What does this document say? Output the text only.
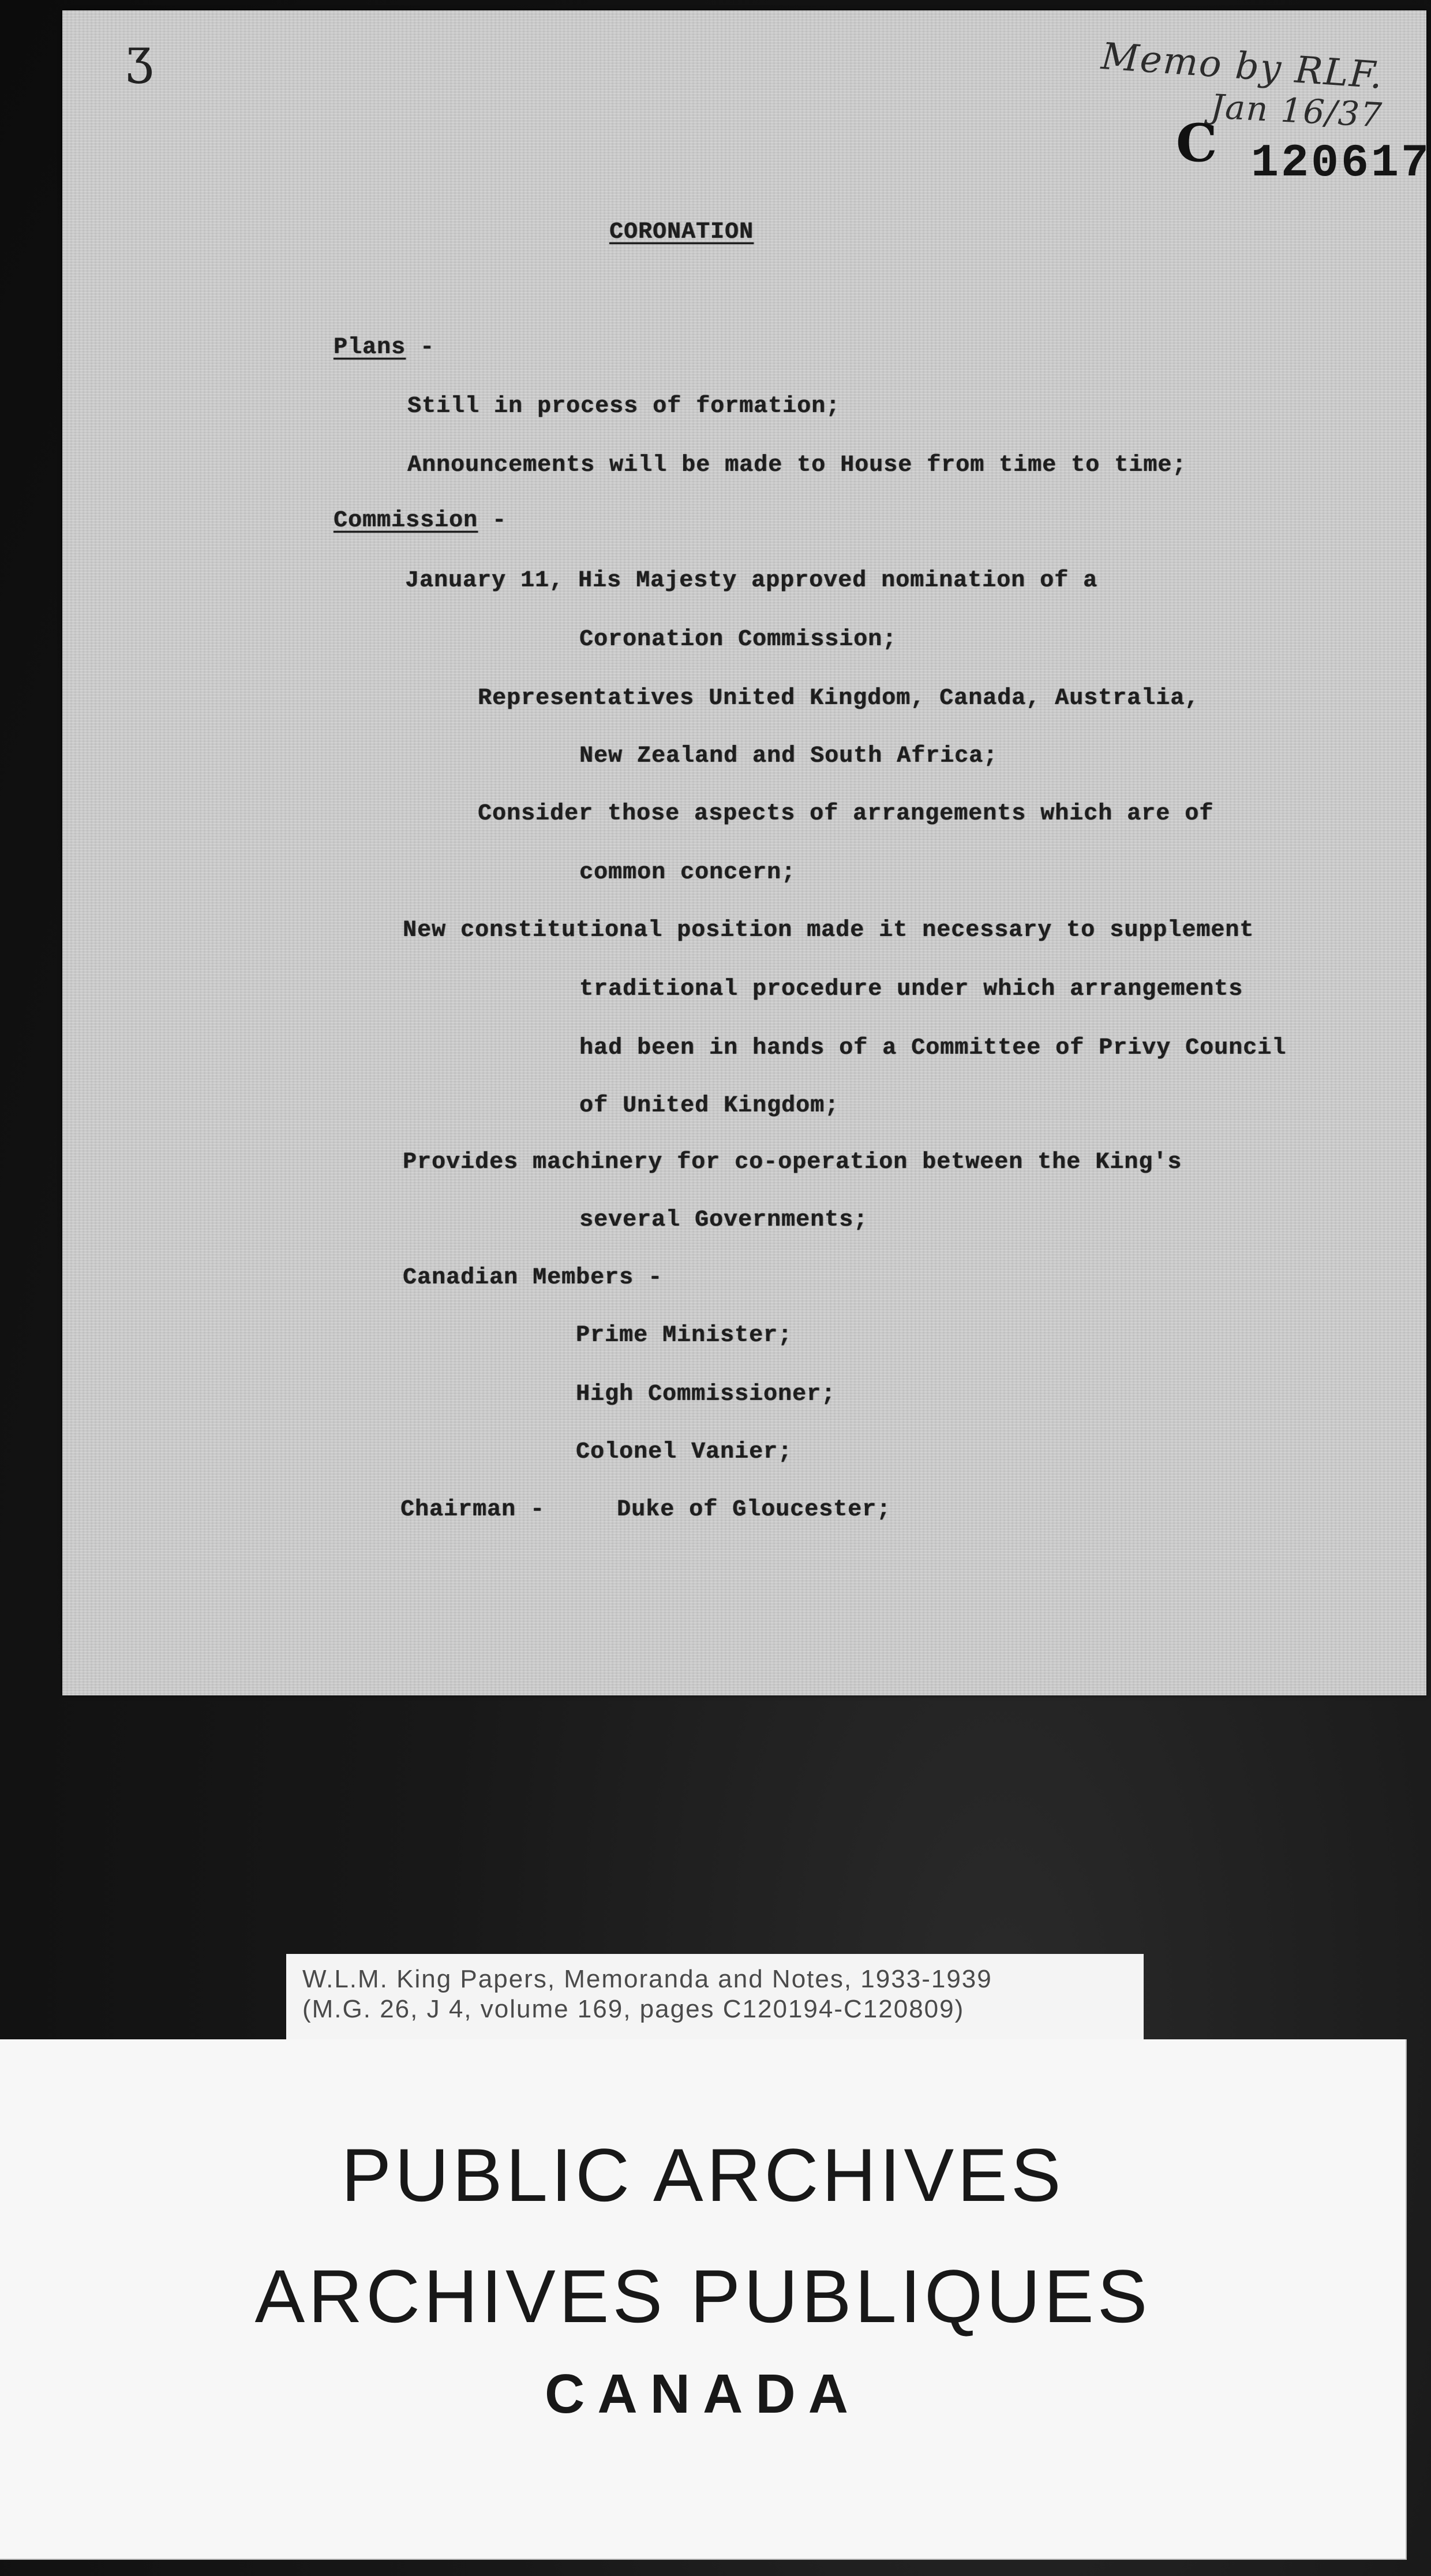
ʒ	Memo by RLF.
Jan 16/37
C 120617
CORONATION
Plans -
Still in process of formation;
Announcements will be made to House from time to time;
Commission -
January 11, His Majesty approved nomination of a
Coronation Commission;
Representatives United Kingdom, Canada, Australia,
New Zealand and South Africa;
Consider those aspects of arrangements which are of
common concern;
New constitutional position made it necessary to supplement
traditional procedure under which arrangements
had been in hands of a Committee of Privy Council
of United Kingdom;
Provides machinery for co-operation between the King's
several Governments;
Canadian Members -
Prime Minister;
High Commissioner;
Colonel Vanier;
Chairman -     Duke of Gloucester;
W.L.M. King Papers, Memoranda and Notes, 1933-1939
(M.G. 26, J 4, volume 169, pages C120194-C120809)
PUBLIC ARCHIVES
ARCHIVES PUBLIQUES
CANADA
